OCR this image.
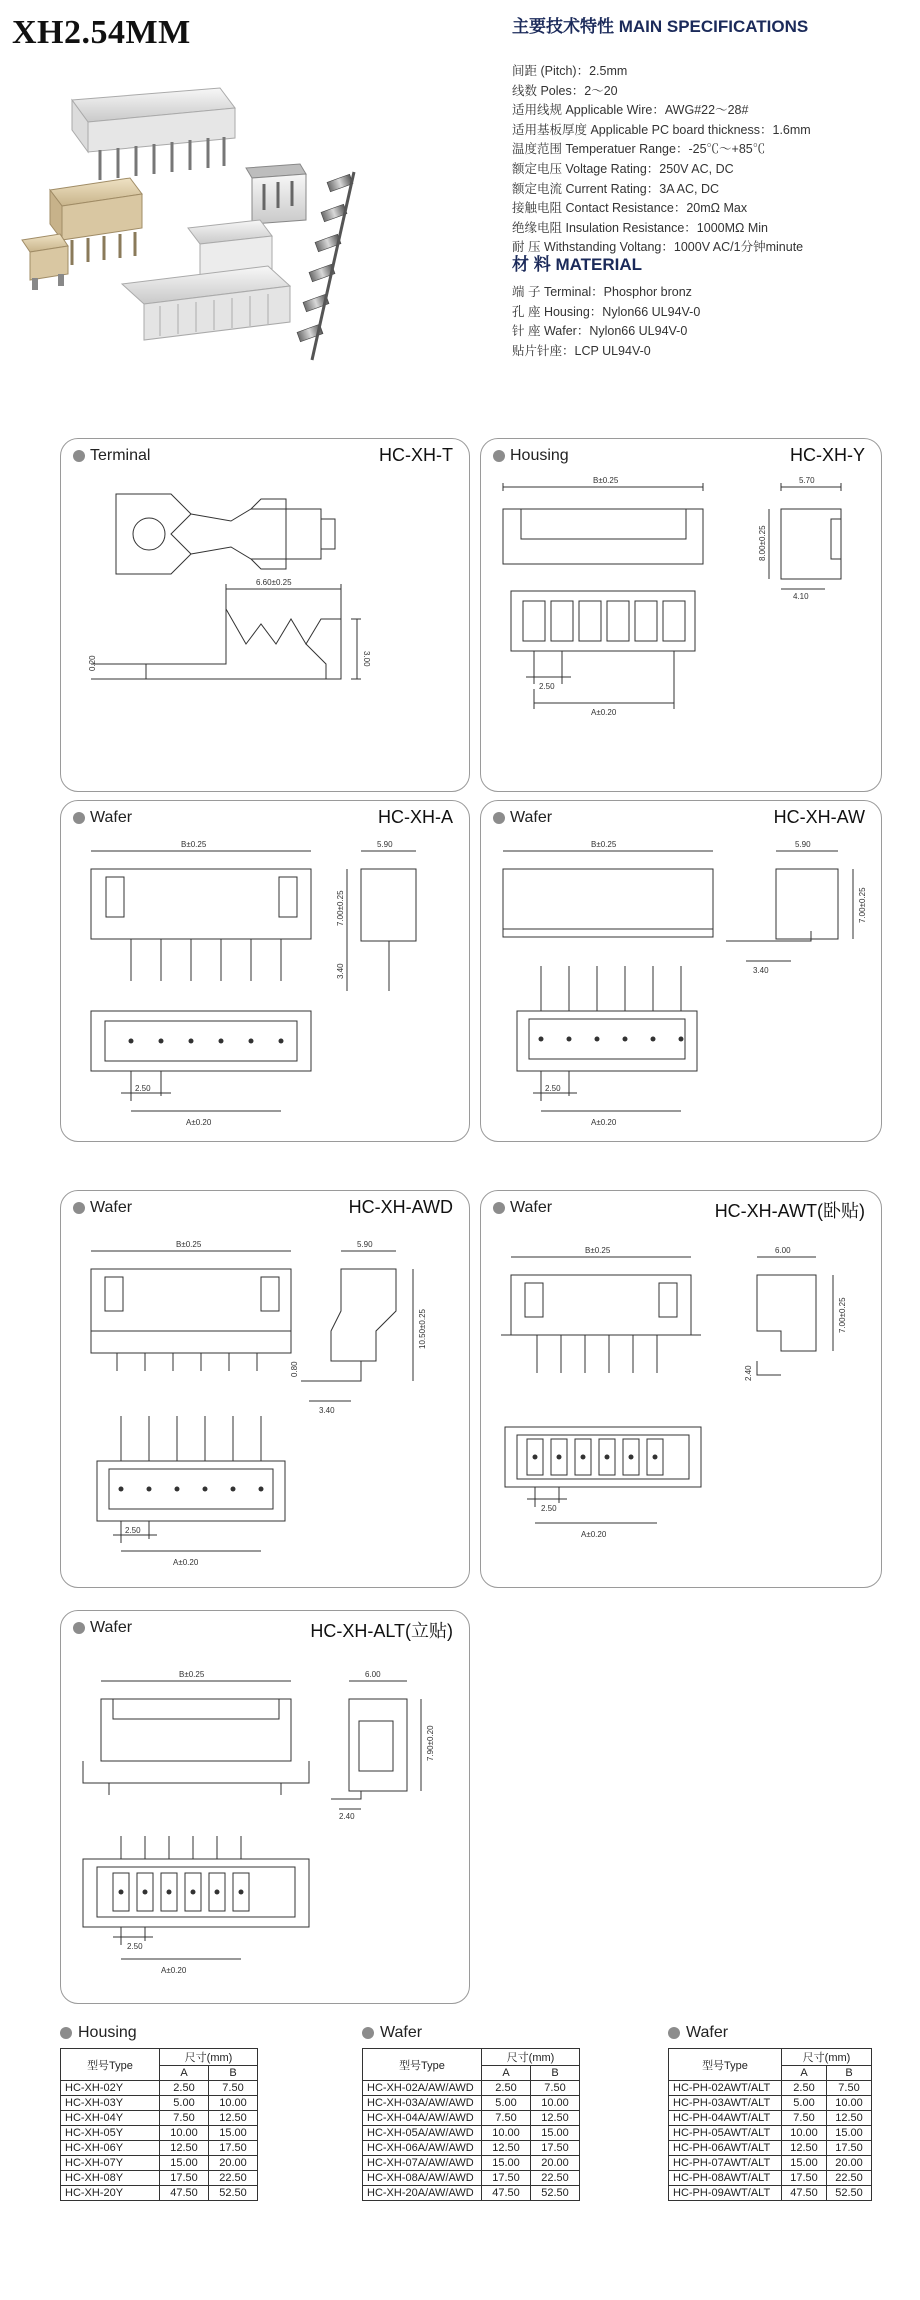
XH2.54MM	主要技术特性 MAIN SPECIFICATIONS
间距 (Pitch)：2.5mm
线数 Poles：2～20
适用线规 Applicable Wire：AWG#22～28#
适用基板厚度 Applicable PC board thickness：1.6mm
温度范围 Temperatuer Range：-25℃～+85℃
额定电压 Voltage Rating：250V AC, DC
额定电流 Current Rating：3A AC, DC
接触电阻 Contact Resistance：20mΩ Max
绝缘电阻 Insulation Resistance：1000MΩ Min
耐 压 Withstanding Voltang：1000V AC/1分钟minute
材 料 MATERIAL
端 子 Terminal：Phosphor bronz
孔 座 Housing：Nylon66 UL94V-0
针 座 Wafer：Nylon66 UL94V-0
贴片针座：LCP UL94V-0
Terminal	HC-XH-T
6.60±0.25
3.00
0.20
Housing	HC-XH-Y
B±0.25	5.70
8.00±0.25
4.10
2.50
A±0.20
Wafer	HC-XH-A
B±0.25	5.90
7.00±0.25
3.40
2.50
A±0.20
Wafer	HC-XH-AW
B±0.25	5.90
7.00±0.25
3.40
2.50
A±0.20
Wafer	HC-XH-AWD
B±0.25	5.90
10.50±0.25
0.80
3.40
2.50
A±0.20
Wafer	HC-XH-AWT(卧贴)
B±0.25	6.00
7.00±0.25
2.40
2.50
A±0.20
Wafer	HC-XH-ALT(立贴)
B±0.25	6.00
7.90±0.20
2.40
2.50
A±0.20
Housing
型号Type	尺寸(mm)	
	A	B
HC-XH-02Y	2.50	7.50
HC-XH-03Y	5.00	10.00
HC-XH-04Y	7.50	12.50
HC-XH-05Y	10.00	15.00
HC-XH-06Y	12.50	17.50
HC-XH-07Y	15.00	20.00
HC-XH-08Y	17.50	22.50
HC-XH-20Y	47.50	52.50
Wafer
型号Type	尺寸(mm)	
	A	B
HC-XH-02A/AW/AWD	2.50	7.50
HC-XH-03A/AW/AWD	5.00	10.00
HC-XH-04A/AW/AWD	7.50	12.50
HC-XH-05A/AW/AWD	10.00	15.00
HC-XH-06A/AW/AWD	12.50	17.50
HC-XH-07A/AW/AWD	15.00	20.00
HC-XH-08A/AW/AWD	17.50	22.50
HC-XH-20A/AW/AWD	47.50	52.50
Wafer
型号Type	尺寸(mm)	
	A	B
HC-PH-02AWT/ALT	2.50	7.50
HC-PH-03AWT/ALT	5.00	10.00
HC-PH-04AWT/ALT	7.50	12.50
HC-PH-05AWT/ALT	10.00	15.00
HC-PH-06AWT/ALT	12.50	17.50
HC-PH-07AWT/ALT	15.00	20.00
HC-PH-08AWT/ALT	17.50	22.50
HC-PH-09AWT/ALT	47.50	52.50
